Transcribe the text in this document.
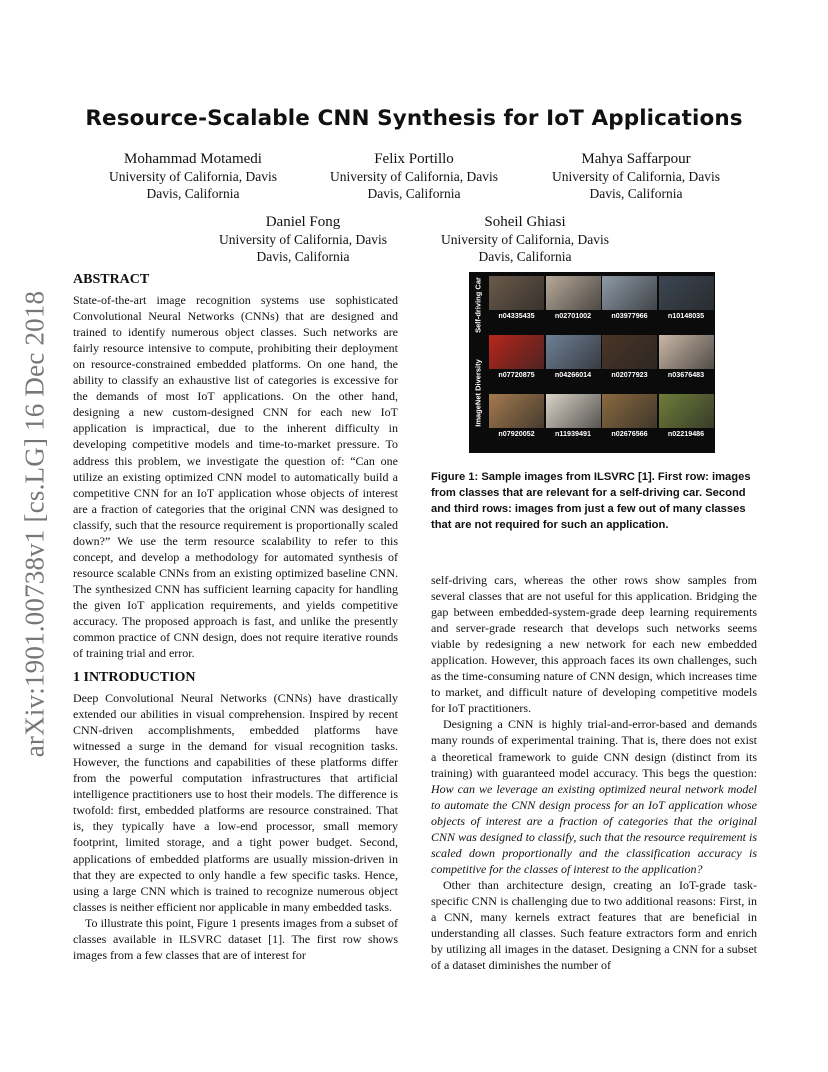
arXiv:1901.00738v1 [cs.LG] 16 Dec 2018
Resource-Scalable CNN Synthesis for IoT Applications
Mohammad Motamedi
University of California, Davis
Davis, California
Felix Portillo
University of California, Davis
Davis, California
Mahya Saffarpour
University of California, Davis
Davis, California
Daniel Fong
University of California, Davis
Davis, California
Soheil Ghiasi
University of California, Davis
Davis, California
ABSTRACT

State-of-the-art image recognition systems use sophisticated Convolutional Neural Networks (CNNs) that are designed and trained to identify numerous object classes. Such networks are fairly resource intensive to compute, prohibiting their deployment on resource-constrained embedded platforms. On one hand, the ability to classify an exhaustive list of categories is excessive for the demands of most IoT applications. On the other hand, designing a new custom-designed CNN for each new IoT application is impractical, due to the inherent difficulty in developing competitive models and time-to-market pressure. To address this problem, we investigate the question of: “Can one utilize an existing optimized CNN model to automatically build a competitive CNN for an IoT application whose objects of interest are a fraction of categories that the original CNN was designed to classify, such that the resource requirement is proportionally scaled down?” We use the term resource scalability to refer to this concept, and develop a methodology for automated synthesis of resource scalable CNNs from an existing optimized baseline CNN. The synthesized CNN has sufficient learning capacity for handling the given IoT application requirements, and yields competitive accuracy. The proposed approach is fast, and unlike the presently common practice of CNN design, does not require iterative rounds of training trial and error.

1 INTRODUCTION

Deep Convolutional Neural Networks (CNNs) have drastically extended our abilities in visual comprehension. Inspired by recent CNN-driven accomplishments, embedded platforms have witnessed a surge in the demand for visual recognition tasks. However, the functions and capabilities of these platforms differ from the powerful computation infrastructures that artificial intelligence practitioners use to host their models. The difference is twofold: first, embedded platforms are resource constrained. That is, they typically have a low-end processor, small memory footprint, limited storage, and a tight power budget. Second, applications of embedded platforms are usually mission-driven in that they are expected to only handle a few specific tasks. Hence, using a large CNN which is trained to recognize numerous object classes is neither efficient nor applicable in many embedded tasks.

To illustrate this point, Figure 1 presents images from a subset of classes available in ILSVRC dataset [1]. The first row shows images from a few classes that are of interest for

Self-driving Car
ImageNet Diversity
n04335435	n02701002	n03977966	n10148035
n07720875	n04266014	n02077923	n03676483
n07920052	n11939491	n02676566	n02219486
Figure 1: Sample images from ILSVRC [1]. First row: images from classes that are relevant for a self-driving car. Second and third rows: images from just a few out of many classes that are not required for such an application.

self-driving cars, whereas the other rows show samples from several classes that are not useful for this application. Bridging the gap between embedded-system-grade deep learning requirements and server-grade research that develops such networks seems viable by redesigning a new network for each new embedded application. However, this approach faces its own challenges, such as the time-consuming nature of CNN design, which increases time to market, and difficult nature of developing competitive models for IoT practitioners.

Designing a CNN is highly trial-and-error-based and demands many rounds of experimental training. That is, there does not exist a theoretical framework to guide CNN design (distinct from its training) with guaranteed model accuracy. This begs the question: How can we leverage an existing optimized neural network model to automate the CNN design process for an IoT application whose objects of interest are a fraction of categories that the original CNN was designed to classify, such that the resource requirement is scaled down proportionally and the classification accuracy is competitive for the classes of interest to the application?

Other than architecture design, creating an IoT-grade task-specific CNN is challenging due to two additional reasons: First, in a CNN, many kernels extract features that are beneficial in understanding all classes. Such feature extractors form and enrich by utilizing all images in the dataset. Designing a CNN for a subset of a dataset diminishes the number of
